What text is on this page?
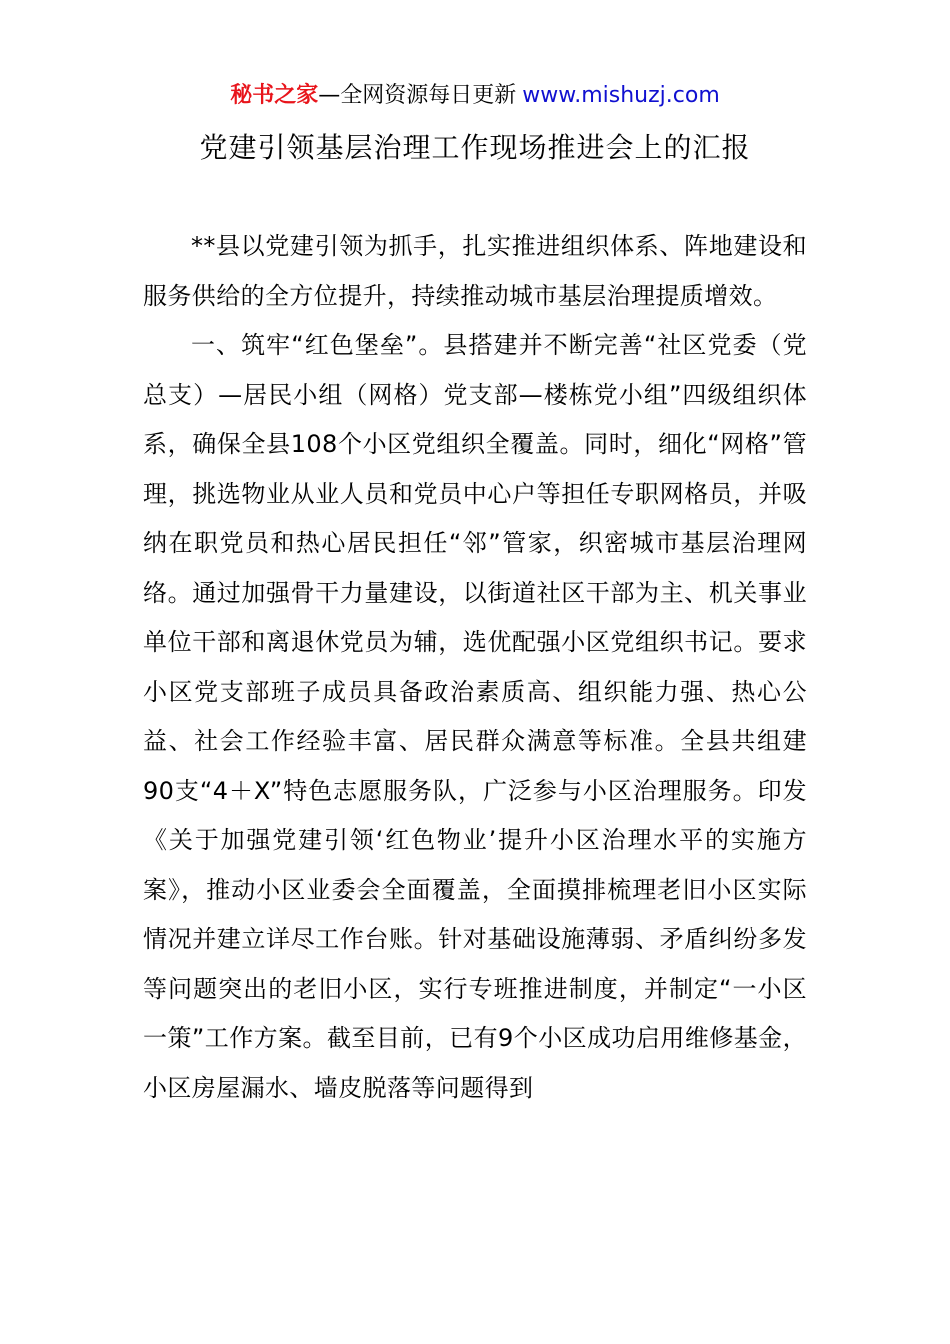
秘书之家—全网资源每日更新 www.mishuzj.com
党建引领基层治理工作现场推进会上的汇报

**县以党建引领为抓手，扎实推进组织体系、阵地建设和服务供给的全方位提升，持续推动城市基层治理提质增效。

一、筑牢“红色堡垒”。县搭建并不断完善“社区党委（党总支）—居民小组（网格）党支部—楼栋党小组”四级组织体系，确保全县108个小区党组织全覆盖。同时，细化“网格”管理，挑选物业从业人员和党员中心户等担任专职网格员，并吸纳在职党员和热心居民担任“邻”管家，织密城市基层治理网络。通过加强骨干力量建设，以街道社区干部为主、机关事业单位干部和离退休党员为辅，选优配强小区党组织书记。要求小区党支部班子成员具备政治素质高、组织能力强、热心公益、社会工作经验丰富、居民群众满意等标准。全县共组建90支“4＋X”特色志愿服务队，广泛参与小区治理服务。印发《关于加强党建引领‘红色物业’提升小区治理水平的实施方案》，推动小区业委会全面覆盖，全面摸排梳理老旧小区实际情况并建立详尽工作台账。针对基础设施薄弱、矛盾纠纷多发等问题突出的老旧小区，实行专班推进制度，并制定“一小区一策”工作方案。截至目前，已有9个小区成功启用维修基金，小区房屋漏水、墙皮脱落等问题得到
